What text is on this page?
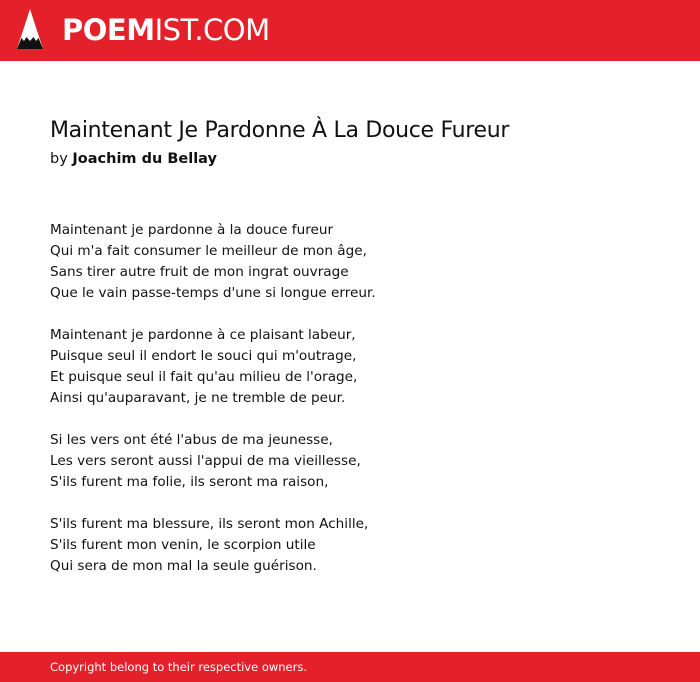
POEMIST.COM
Maintenant Je Pardonne À La Douce Fureur
by Joachim du Bellay
Maintenant je pardonne à la douce fureur
Qui m'a fait consumer le meilleur de mon âge,
Sans tirer autre fruit de mon ingrat ouvrage
Que le vain passe-temps d'une si longue erreur.
Maintenant je pardonne à ce plaisant labeur,
Puisque seul il endort le souci qui m'outrage,
Et puisque seul il fait qu'au milieu de l'orage,
Ainsi qu'auparavant, je ne tremble de peur.
Si les vers ont été l'abus de ma jeunesse,
Les vers seront aussi l'appui de ma vieillesse,
S'ils furent ma folie, ils seront ma raison,
S'ils furent ma blessure, ils seront mon Achille,
S'ils furent mon venin, le scorpion utile
Qui sera de mon mal la seule guérison.
Copyright belong to their respective owners.
